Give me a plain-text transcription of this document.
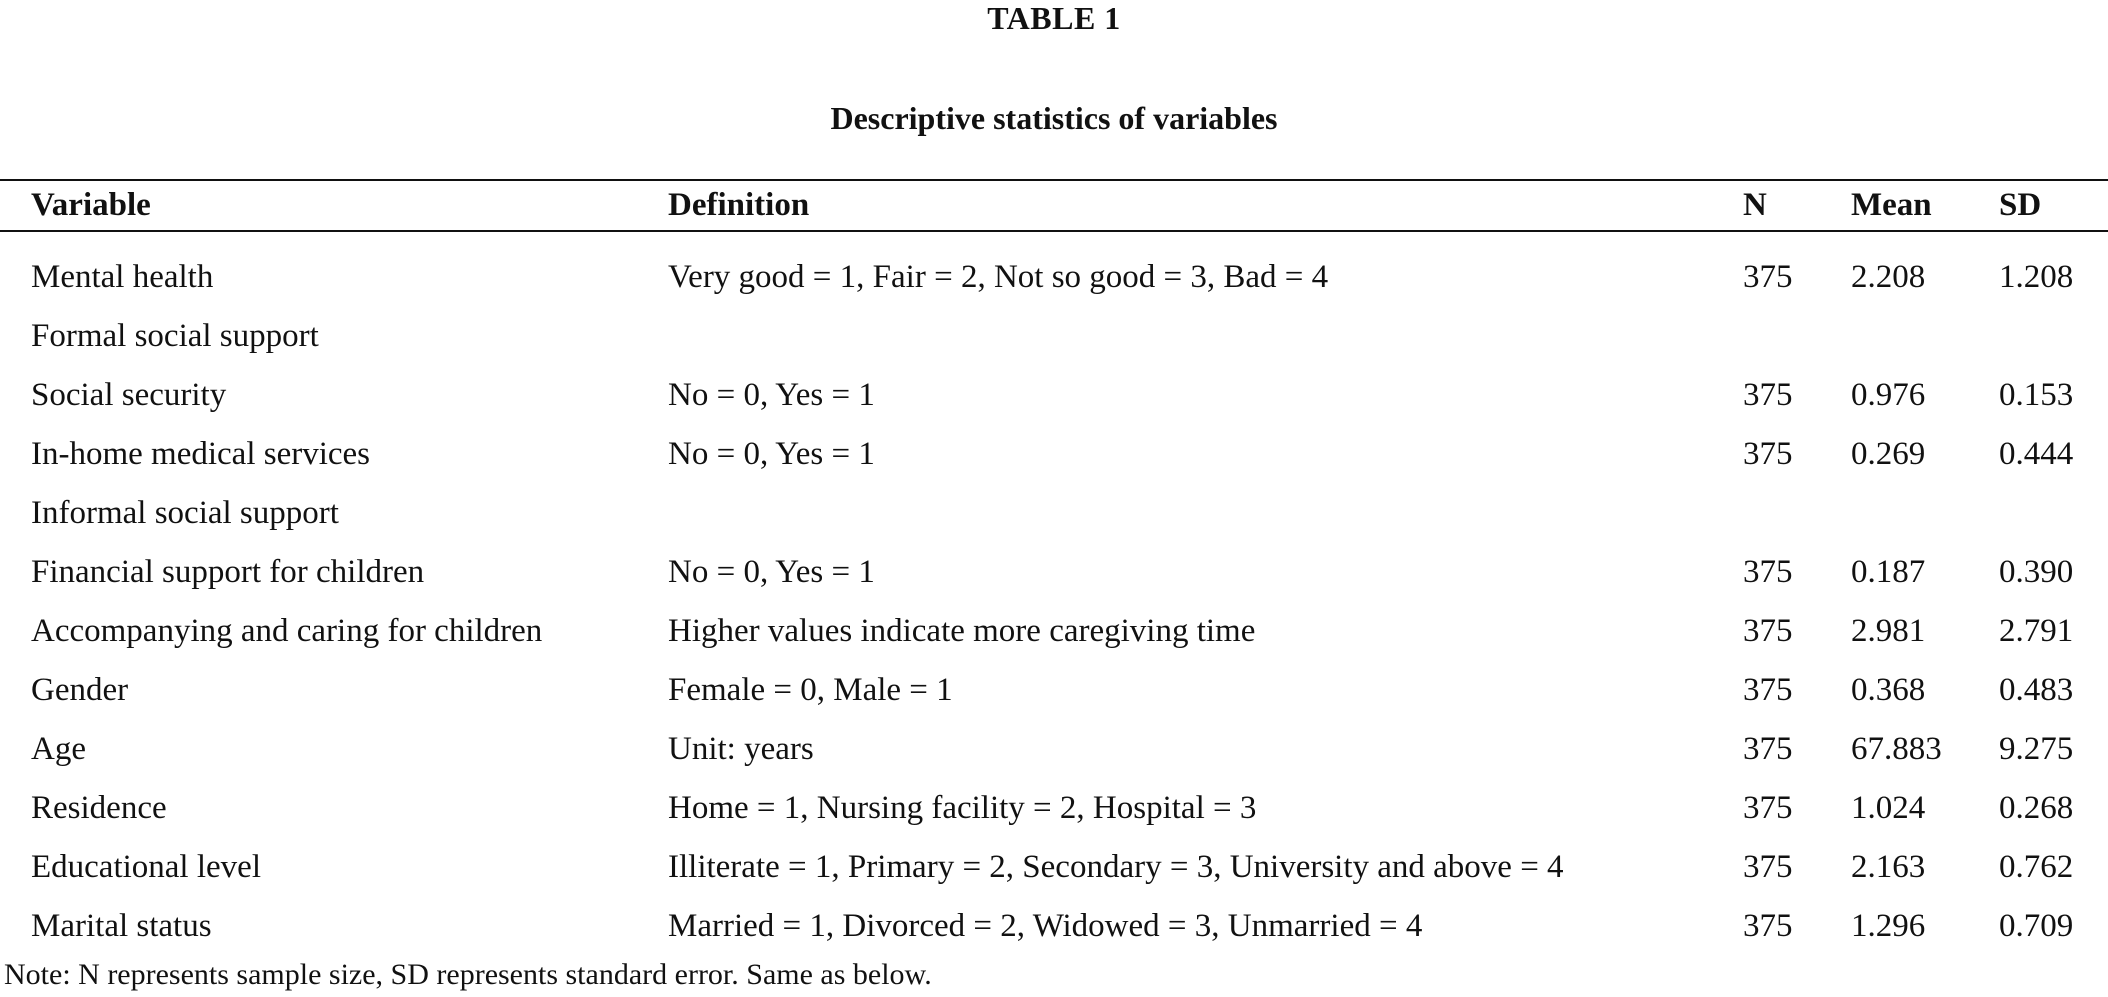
TABLE 1
Descriptive statistics of variables
Variable	Definition	N	Mean	SD
Mental health	Very good = 1, Fair = 2, Not so good = 3, Bad = 4	375	2.208	1.208
Formal social support				
Social security	No = 0, Yes = 1	375	0.976	0.153
In-home medical services	No = 0, Yes = 1	375	0.269	0.444
Informal social support				
Financial support for children	No = 0, Yes = 1	375	0.187	0.390
Accompanying and caring for children	Higher values indicate more caregiving time	375	2.981	2.791
Gender	Female = 0, Male = 1	375	0.368	0.483
Age	Unit: years	375	67.883	9.275
Residence	Home = 1, Nursing facility = 2, Hospital = 3	375	1.024	0.268
Educational level	Illiterate = 1, Primary = 2, Secondary = 3, University and above = 4	375	2.163	0.762
Marital status	Married = 1, Divorced = 2, Widowed = 3, Unmarried = 4	375	1.296	0.709
Note: N represents sample size, SD represents standard error. Same as below.
